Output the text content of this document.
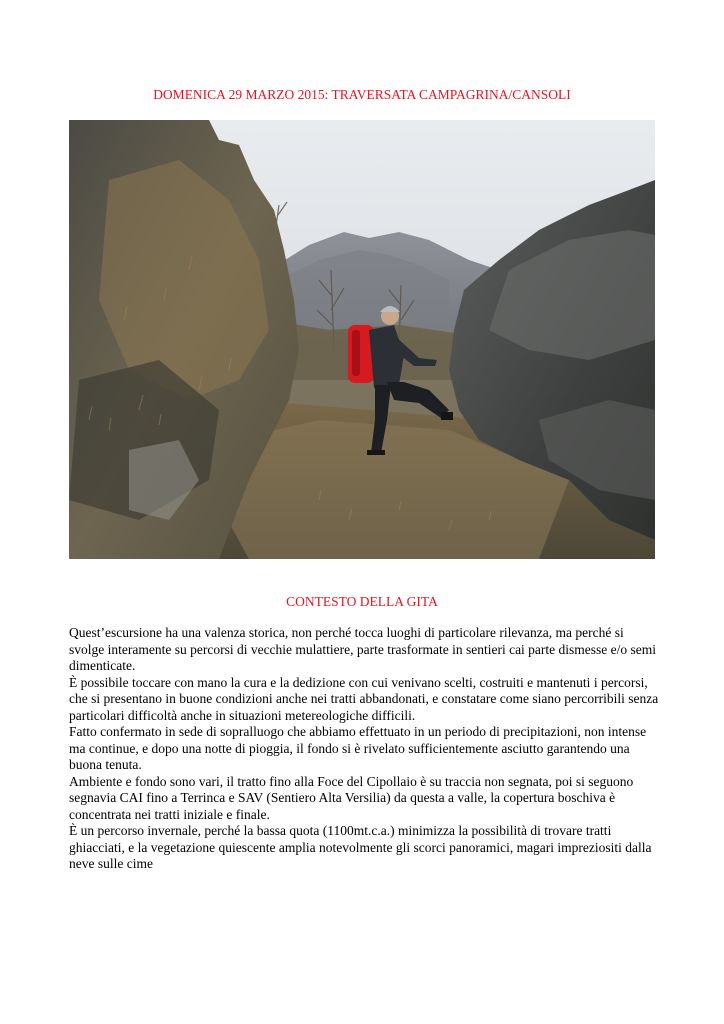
DOMENICA 29 MARZO 2015: TRAVERSATA CAMPAGRINA/CANSOLI
CONTESTO DELLA GITA

Quest’escursione ha una valenza storica, non perché tocca luoghi di particolare rilevanza, ma perché si svolge interamente su percorsi di vecchie mulattiere, parte trasformate in sentieri cai parte dismesse e/o semi dimenticate.

È possibile toccare con mano la cura e la dedizione con cui venivano scelti, costruiti e mantenuti i percorsi, che si presentano in buone condizioni anche nei tratti abbandonati, e constatare come siano percorribili senza particolari difficoltà anche in situazioni metereologiche difficili.

Fatto confermato in sede di sopralluogo che abbiamo effettuato in un periodo di precipitazioni, non intense ma continue, e dopo una notte di pioggia, il fondo si è rivelato sufficientemente asciutto garantendo una buona tenuta.

Ambiente e fondo sono vari, il tratto fino alla Foce del Cipollaio è su traccia non segnata, poi si seguono segnavia CAI fino a Terrinca e SAV (Sentiero Alta Versilia) da questa a valle, la copertura boschiva è concentrata nei tratti iniziale e finale.

È un percorso invernale, perché la bassa quota (1100mt.c.a.) minimizza la possibilità di trovare tratti ghiacciati, e la vegetazione quiescente amplia notevolmente gli scorci panoramici, magari impreziositi dalla neve sulle cime
